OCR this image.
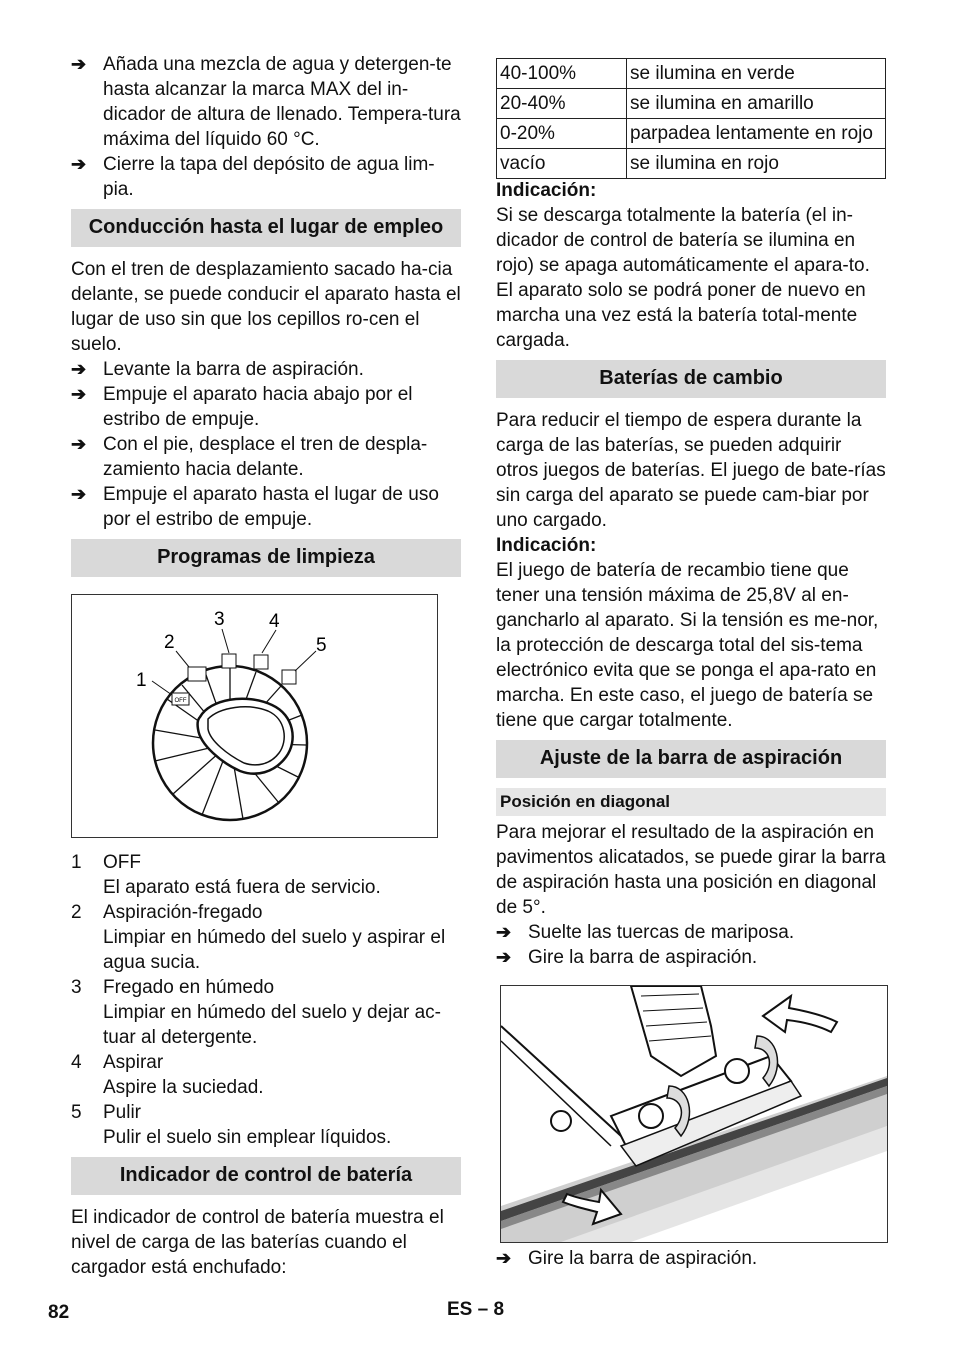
➔ Añada una mezcla de agua y detergen-te hasta alcanzar la marca MAX del in-dicador de altura de llenado. Tempera-tura máxima del líquido 60 °C.
➔ Cierre la tapa del depósito de agua lim-pia.
Conducción hasta el lugar de empleo

Con el tren de desplazamiento sacado ha-cia delante, se puede conducir el aparato hasta el lugar de uso sin que los cepillos ro-cen el suelo.

➔ Levante la barra de aspiración.
➔ Empuje el aparato hacia abajo por el estribo de empuje.
➔ Con el pie, desplace el tren de despla-zamiento hacia delante.
➔ Empuje el aparato hasta el lugar de uso por el estribo de empuje.
Programas de limpieza
OFF
1
2
3 4
5
1	OFF
El aparato está fuera de servicio.
2	Aspiración-fregado
Limpiar en húmedo del suelo y aspirar el agua sucia.
3	Fregado en húmedo
Limpiar en húmedo del suelo y dejar ac-tuar al detergente.
4	Aspirar
Aspire la suciedad.
5	Pulir
Pulir el suelo sin emplear líquidos.
Indicador de control de batería

El indicador de control de batería muestra el nivel de carga de las baterías cuando el cargador está enchufado:

40-100%	se ilumina en verde
20-40%	se ilumina en amarillo
0-20%	parpadea lentamente en rojo
vacío	se ilumina en rojo

Indicación:

Si se descarga totalmente la batería (el in-dicador de control de batería se ilumina en rojo) se apaga automáticamente el apara-to. El aparato solo se podrá poner de nuevo en marcha una vez está la batería total-mente cargada.

Baterías de cambio

Para reducir el tiempo de espera durante la carga de las baterías, se pueden adquirir otros juegos de baterías. El juego de bate-rías sin carga del aparato se puede cam-biar por uno cargado.

Indicación:

El juego de batería de recambio tiene que tener una tensión máxima de 25,8V al en-gancharlo al aparato. Si la tensión es me-nor, la protección de descarga total del sis-tema electrónico evita que se ponga el apa-rato en marcha. En este caso, el juego de batería se tiene que cargar totalmente.

Ajuste de la barra de aspiración
Posición en diagonal

Para mejorar el resultado de la aspiración en pavimentos alicatados, se puede girar la barra de aspiración hasta una posición en diagonal de 5°.

➔ Suelte las tuercas de mariposa.
➔ Gire la barra de aspiración.
➔ Gire la barra de aspiración.
82	ES – 8
